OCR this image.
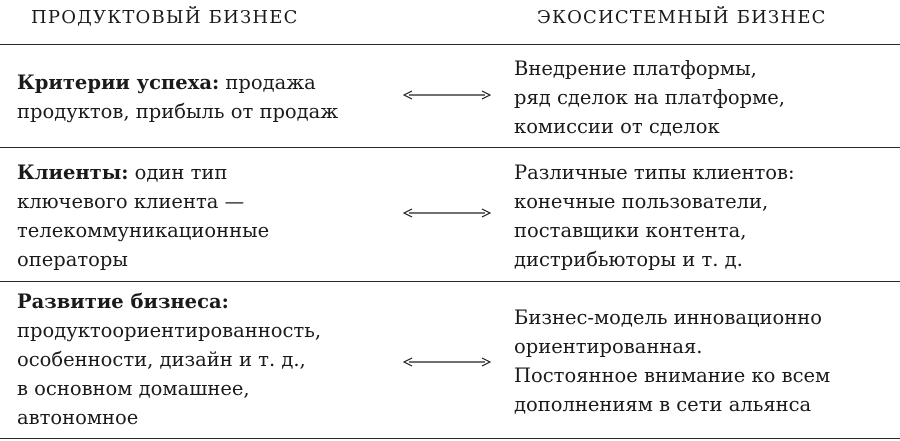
ПРОДУКТОВЫЙ БИЗНЕС	ЭКОСИСТЕМНЫЙ БИЗНЕС
Критерии успеха: продажа
продуктов, прибыль от продаж
Внедрение платформы,
ряд сделок на платформе,
комиссии от сделок
Клиенты: один тип
ключевого клиента —
телекоммуникационные
операторы
Различные типы клиентов:
конечные пользователи,
поставщики контента,
дистрибьюторы и т. д.
Развитие бизнеса:
продуктоориентированность,
особенности, дизайн и т. д.,
в основном домашнее,
автономное
Бизнес-модель инновационно
ориентированная.
Постоянное внимание ко всем
дополнениям в сети альянса
